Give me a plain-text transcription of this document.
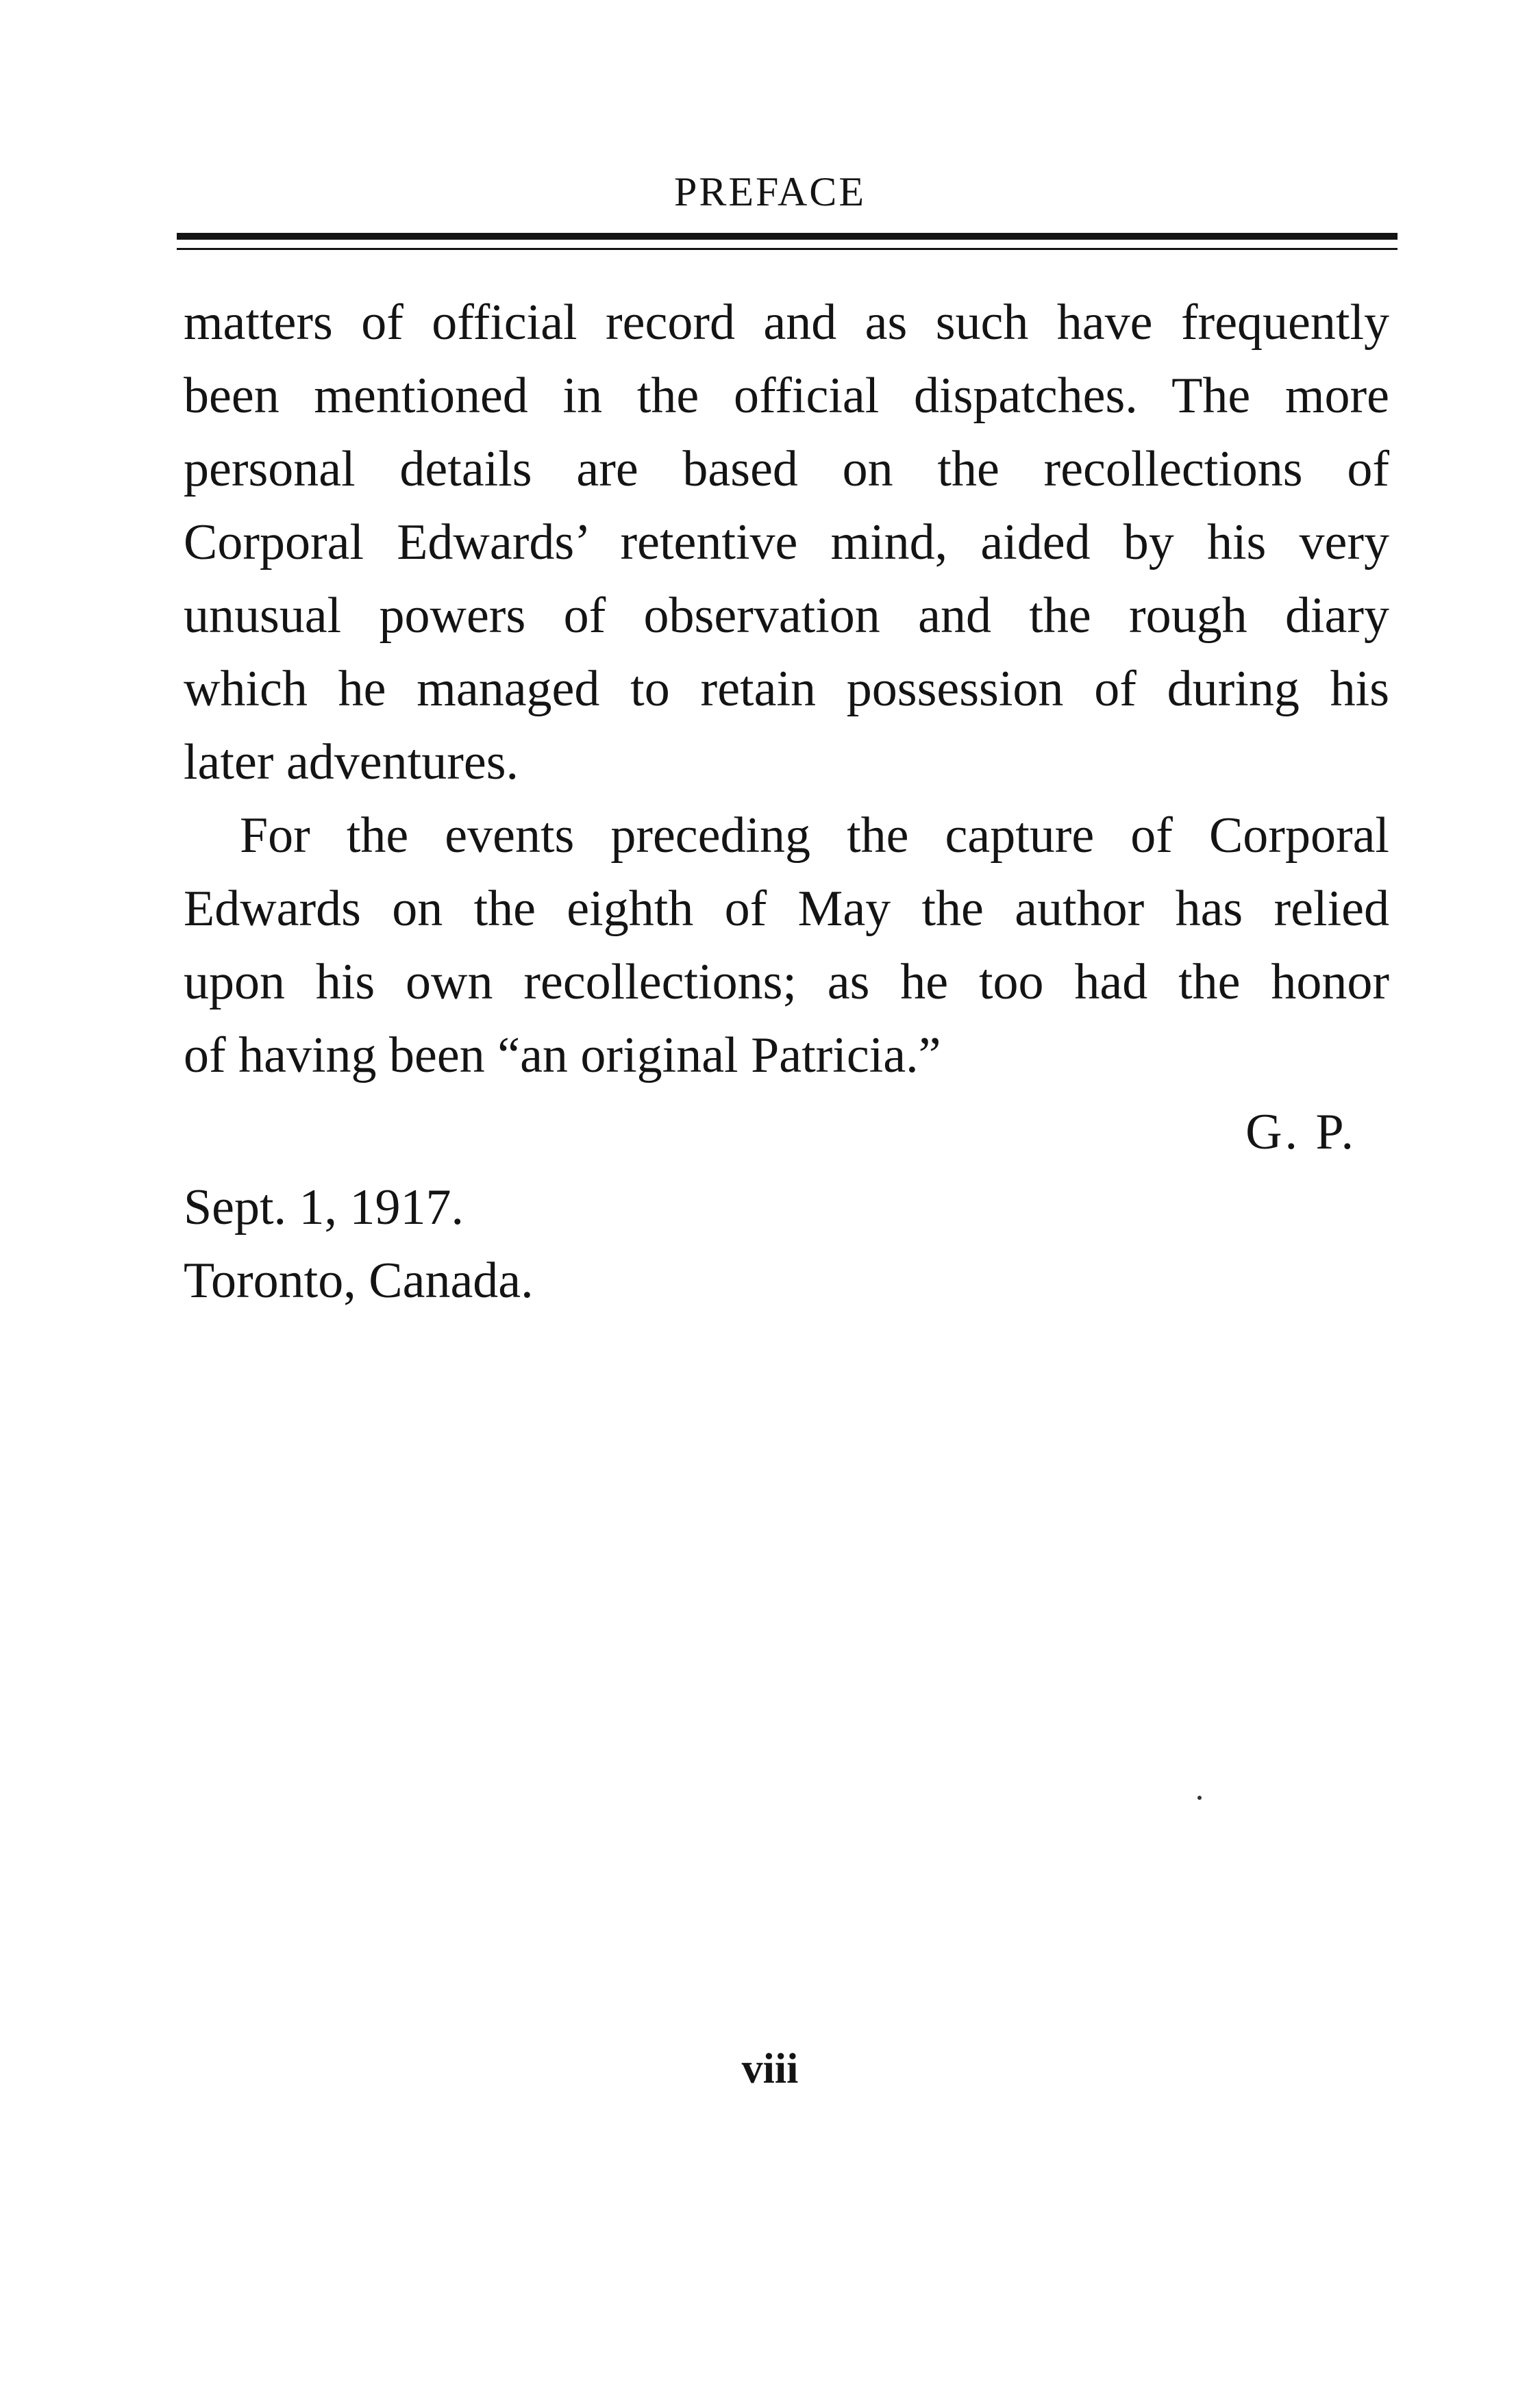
PREFACE
matters of official record and as such have frequently
been mentioned in the official dispatches. The more
personal details are based on the recollections of
Corporal Edwards’ retentive mind, aided by his very
unusual powers of observation and the rough diary
which he managed to retain possession of during his
later adventures.
For the events preceding the capture of Corporal
Edwards on the eighth of May the author has relied
upon his own recollections; as he too had the honor
of having been “an original Patricia.”
G. P.
Sept. 1, 1917.
Toronto, Canada.
viii
